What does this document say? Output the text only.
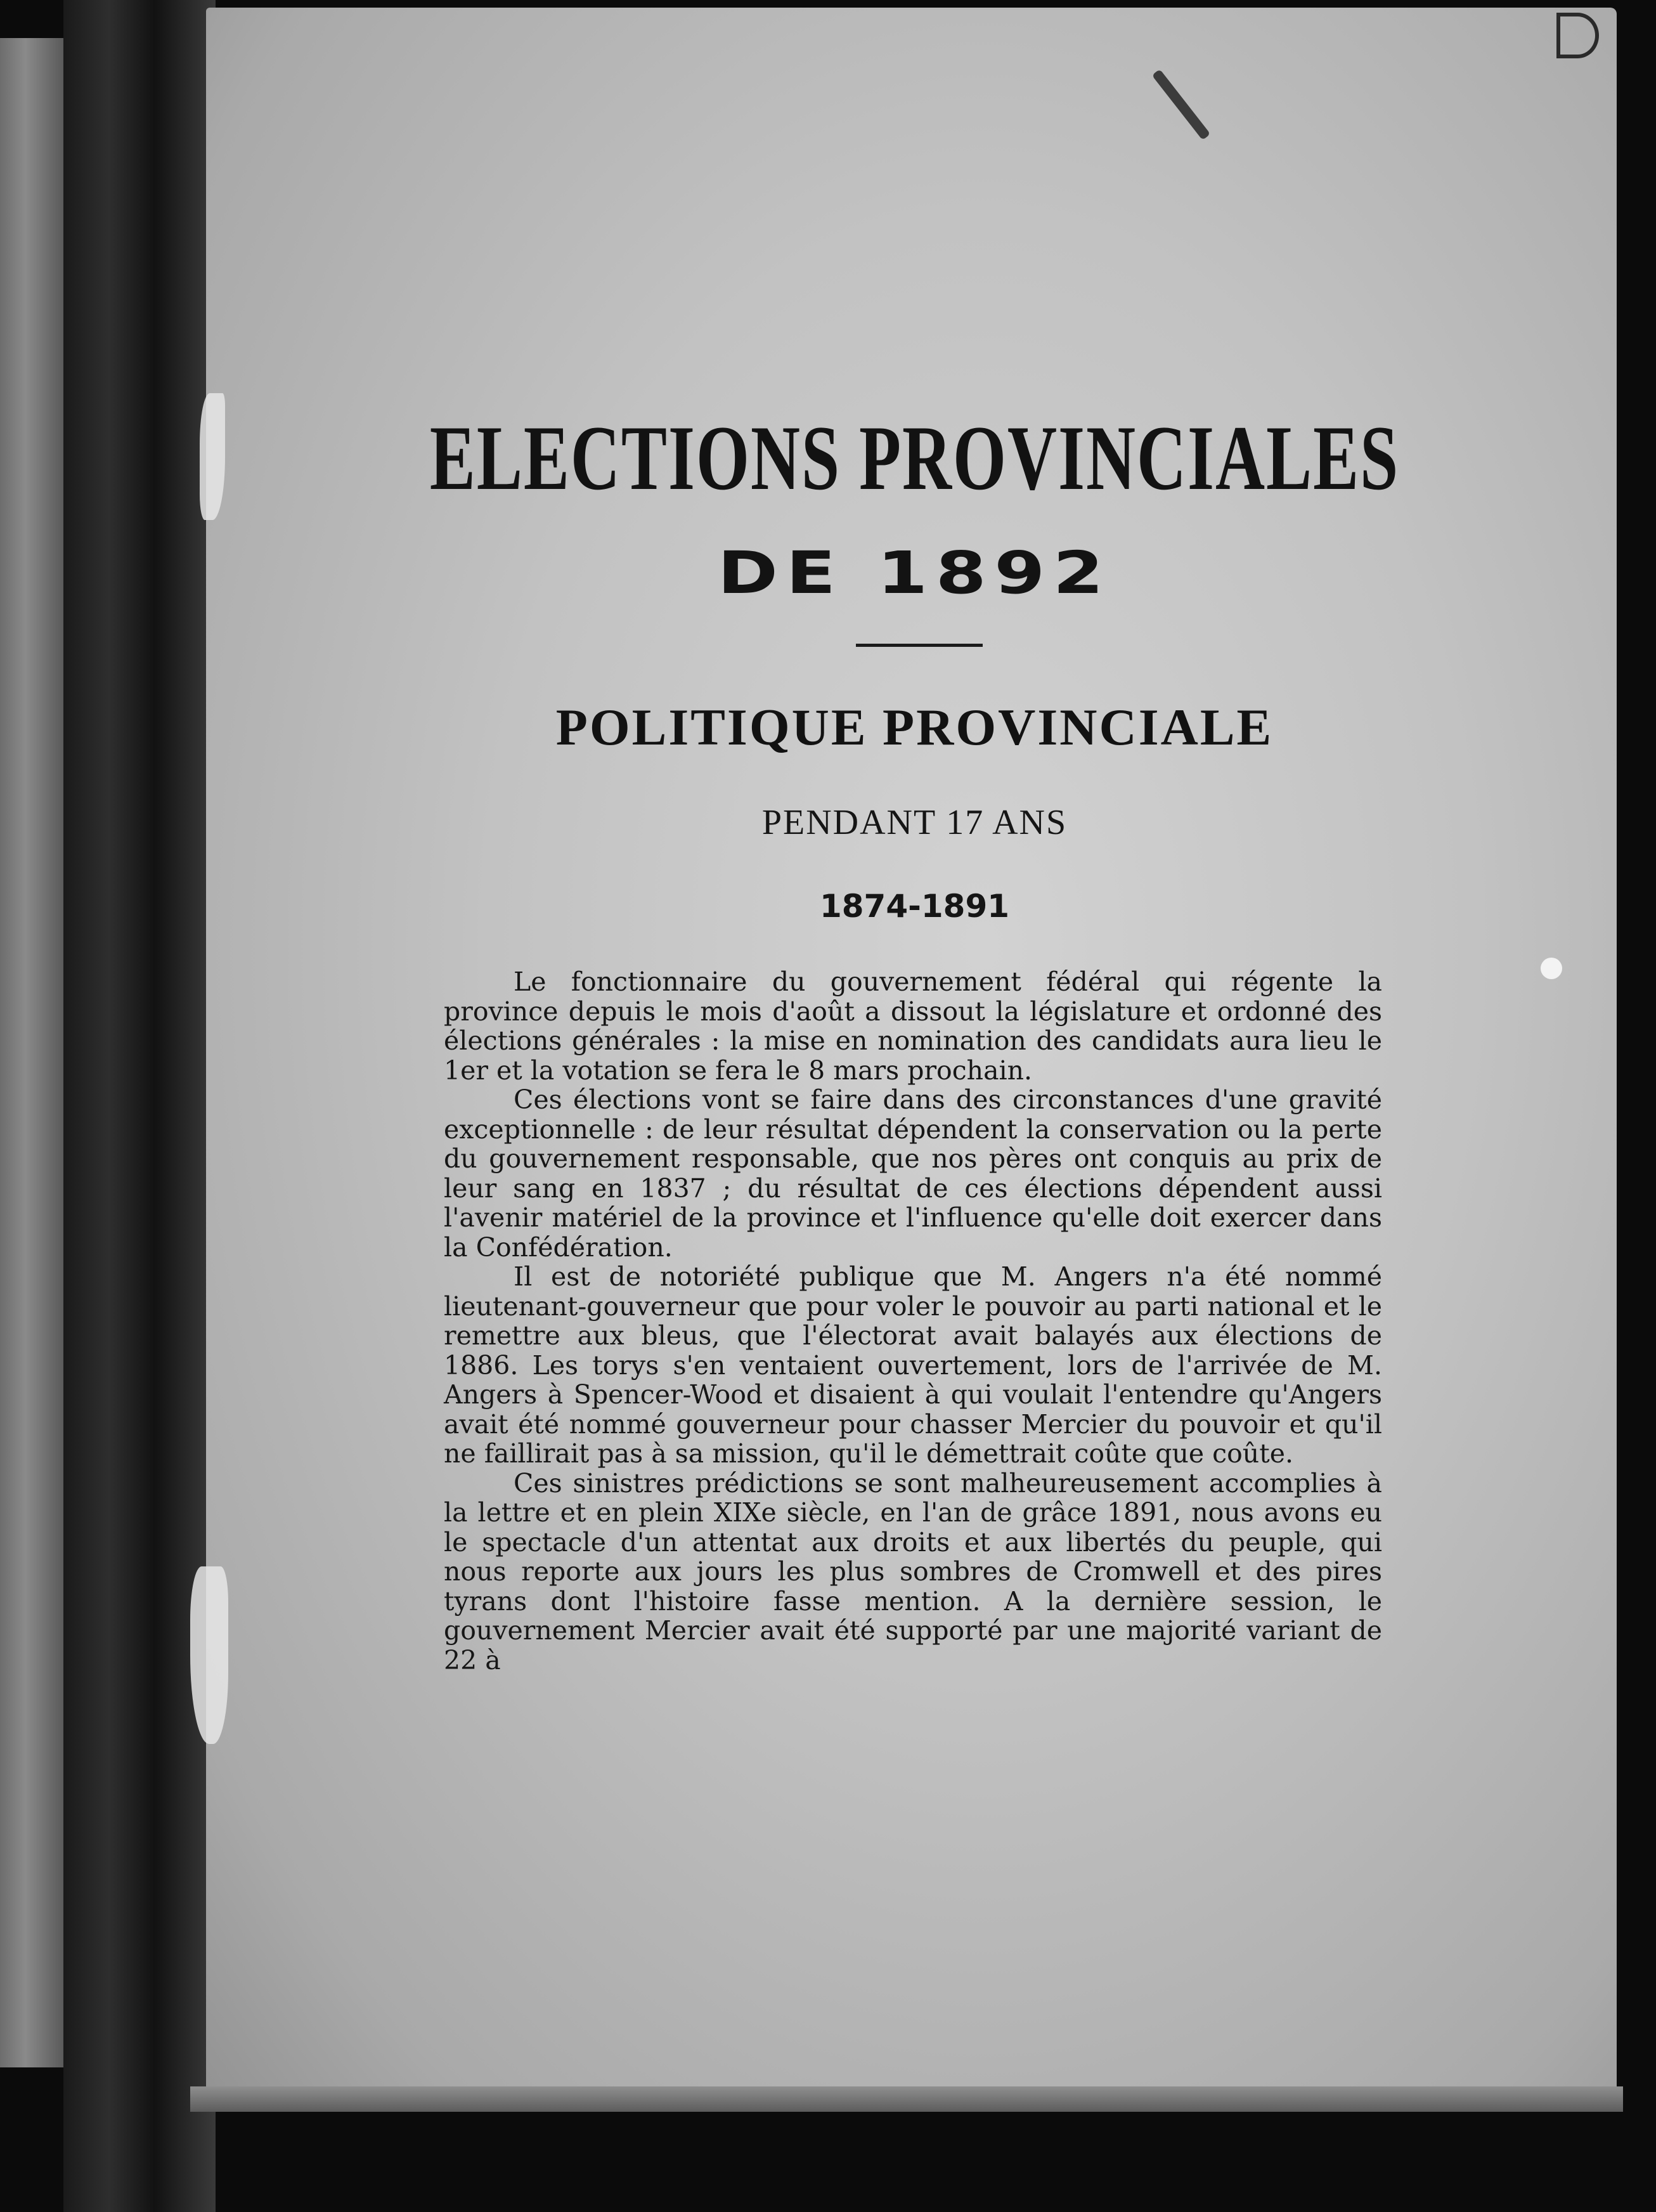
ELECTIONS PROVINCIALES
DE 1892
POLITIQUE PROVINCIALE
PENDANT 17 ANS
1874-1891

Le fonctionnaire du gouvernement fédéral qui régente la province depuis le mois d'août a dissout la législature et ordonné des élections générales : la mise en nomination des candidats aura lieu le 1er et la votation se fera le 8 mars prochain.

Ces élections vont se faire dans des circonstances d'une gravité exceptionnelle : de leur résultat dépendent la conservation ou la perte du gouvernement responsable, que nos pères ont conquis au prix de leur sang en 1837 ; du résultat de ces élections dépendent aussi l'avenir matériel de la province et l'influence qu'elle doit exercer dans la Confédération.

Il est de notoriété publique que M. Angers n'a été nommé lieutenant-gouverneur que pour voler le pouvoir au parti national et le remettre aux bleus, que l'électorat avait balayés aux élections de 1886. Les torys s'en ventaient ouvertement, lors de l'arrivée de M. Angers à Spencer-Wood et disaient à qui voulait l'entendre qu'Angers avait été nommé gouverneur pour chasser Mercier du pouvoir et qu'il ne faillirait pas à sa mission, qu'il le démettrait coûte que coûte.

Ces sinistres prédictions se sont malheureusement accomplies à la lettre et en plein XIXe siècle, en l'an de grâce 1891, nous avons eu le spectacle d'un attentat aux droits et aux libertés du peuple, qui nous reporte aux jours les plus sombres de Cromwell et des pires tyrans dont l'histoire fasse mention. A la dernière session, le gouvernement Mercier avait été supporté par une majorité variant de 22 à
